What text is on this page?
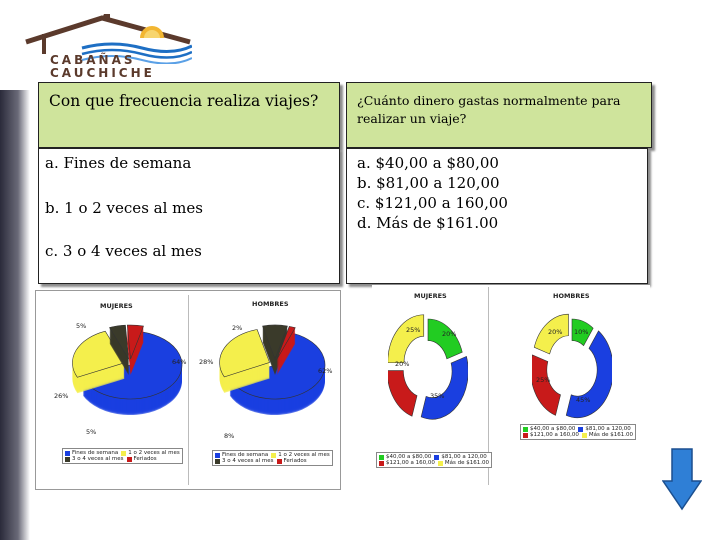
CABAÑAS
CAUCHICHE
Con que frecuencia realiza viajes?	¿Cuánto dinero gastas normalmente para realizar un viaje?
a. Fines de semana
b. 1 o 2 veces al mes
c. 3 o 4 veces al mes
a. $40,00 a $80,00
b. $81,00 a 120,00
c. $121,00 a 160,00
d. Más de $161.00
MUJERES
5%
64%
26%
5%
Fines de semana 1 o 2 veces al mes
3 o 4 veces al mes Feriados
HOMBRES
2%
28%
62%
8%
Fines de semana 1 o 2 veces al mes
3 o 4 veces al mes Feriados
MUJERES
20%
25%
20%
35%
$40,00 a $80,00 $81,00 a 120,00
$121,00 a 160,00 Más de $161.00
HOMBRES
10%
20%
25%
45%
$40,00 a $80,00 $81,00 a 120,00
$121,00 a 160,00 Más de $161.00
